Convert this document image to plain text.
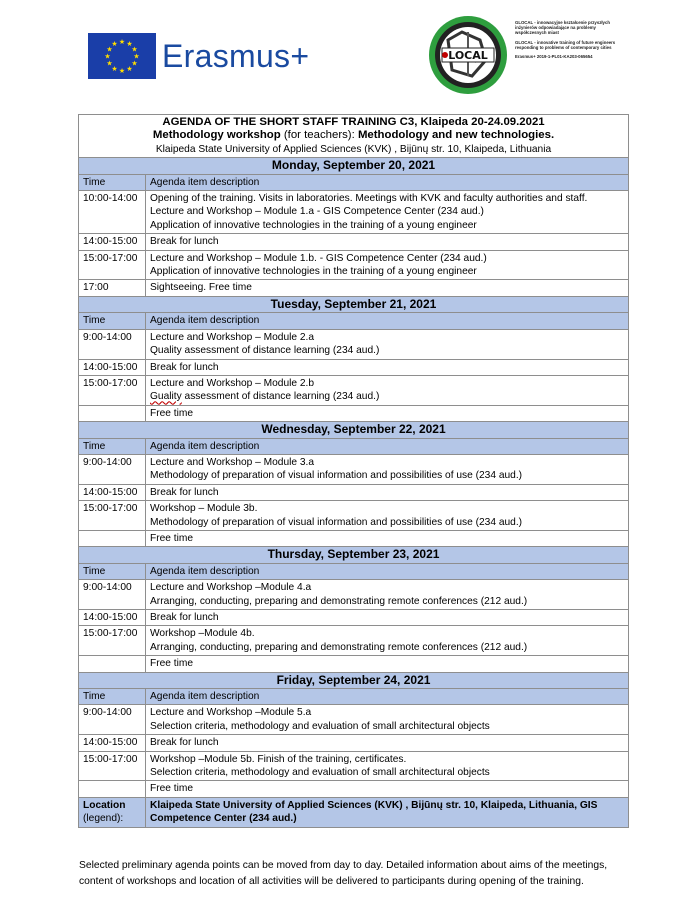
★ ★
★
★
★
★
★
★
★
★
★
★ Erasmus+	LOCAL

GLOCAL - innowacyjne kształcenie przyszłych inżynierów odpowiadające na problemy współczesnych miast

GLOCAL - innovative training of future engineers responding to problems of contemporary cities

Erasmus+ 2019-1-PL01-KA203-065654

AGENDA OF THE SHORT STAFF TRAINING C3, Klaipeda 20-24.09.2021
Methodology workshop (for teachers): Methodology and new technologies.
Klaipeda State University of Applied Sciences (KVK) , Bijūnų str. 10, Klaipeda, Lithuania	

Monday, September 20, 2021	
Time	Agenda item description
10:00-14:00	Opening of the training. Visits in laboratories. Meetings with KVK and faculty authorities and staff. Lecture and Workshop – Module 1.a - GIS Competence Center (234 aud.)
Application of innovative technologies in the training of a young engineer

14:00-15:00	Break for lunch

15:00-17:00	Lecture and Workshop – Module 1.b. - GIS Competence Center (234 aud.)
Application of innovative technologies in the training of a young engineer

17:00	Sightseeing. Free time

Tuesday, September 21, 2021	
Time	Agenda item description
9:00-14:00	Lecture and Workshop – Module 2.a
Quality assessment of distance learning (234 aud.)

14:00-15:00	Break for lunch

15:00-17:00	Lecture and Workshop – Module 2.b
Guality assessment of distance learning (234 aud.)

	Free time

Wednesday, September 22, 2021	
Time	Agenda item description
9:00-14:00	Lecture and Workshop – Module 3.a
Methodology of preparation of visual information and possibilities of use (234 aud.)

14:00-15:00	Break for lunch

15:00-17:00	Workshop – Module 3b.
Methodology of preparation of visual information and possibilities of use (234 aud.)

	Free time

Thursday, September 23, 2021	
Time	Agenda item description
9:00-14:00	Lecture and Workshop –Module 4.a
Arranging, conducting, preparing and demonstrating remote conferences (212 aud.)

14:00-15:00	Break for lunch

15:00-17:00	Workshop –Module 4b.
Arranging, conducting, preparing and demonstrating remote conferences (212 aud.)

	Free time

Friday, September 24, 2021	
Time	Agenda item description
9:00-14:00	Lecture and Workshop –Module 5.a
Selection criteria, methodology and evaluation of small architectural objects

14:00-15:00	Break for lunch

15:00-17:00	Workshop –Module 5b. Finish of the training, certificates.
Selection criteria, methodology and evaluation of small architectural objects

	Free time

Location
(legend):	Klaipeda State University of Applied Sciences (KVK) , Bijūnų str. 10, Klaipeda, Lithuania, GIS Competence Center (234 aud.)
Selected preliminary agenda points can be moved from day to day. Detailed information about aims of the meetings, content of workshops and location of all activities will be delivered to participants during opening of the training.
